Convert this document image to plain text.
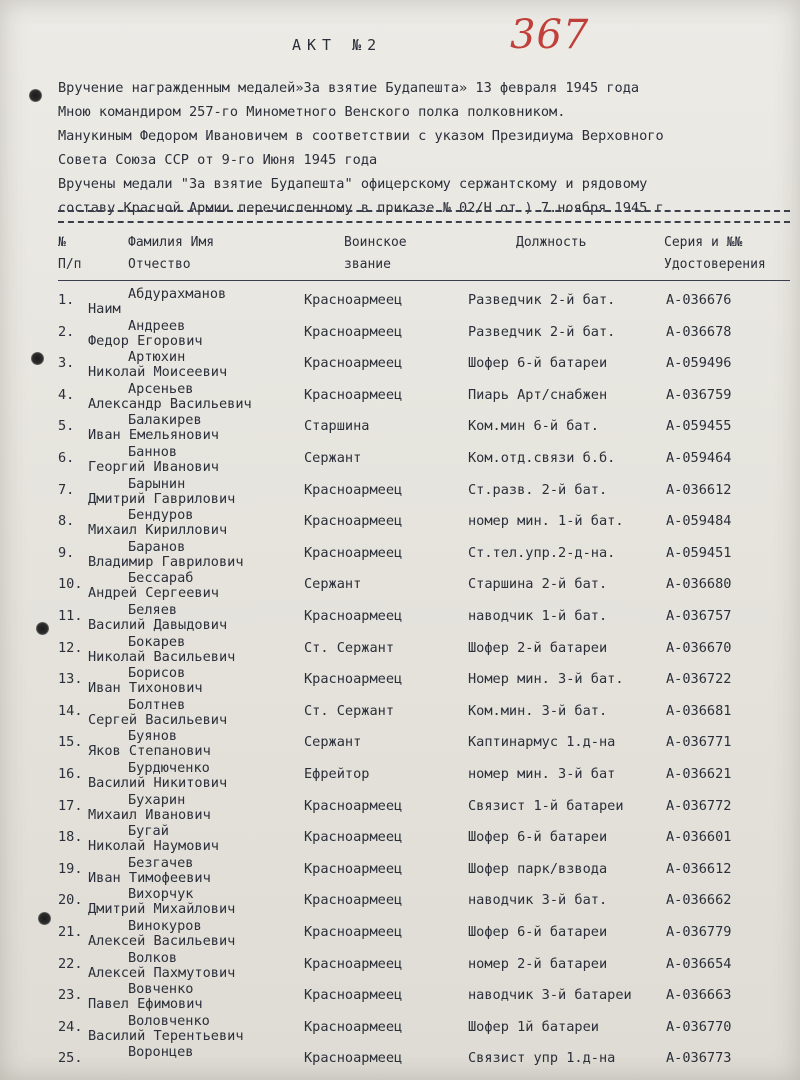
367
АКТ №2
Вручение награжденным медалей»За взятие Будапешта» 13 февраля 1945 года
Мною командиром 257-го Минометного Венского полка полковником.
Манукиным Федором Ивановичем в соответствии с указом Президиума Верховного
Совета Союза ССР от 9-го Июня 1945 года
Вручены медали "За взятие Будапешта" офицерскому сержантскому и рядовому
составу Красной Армии перечисленному в приказе № 02/Н от ) 7.ноября 1945 г.
№
П/п
Фамилия Имя
Отчество
Воинское
звание
Должность	Серия и №№
Удостоверения
1.	Абдурахманов
Наим
Красноармеец	Разведчик 2-й бат.	А-036676
2.	Андреев
Федор Егорович
Красноармеец	Разведчик 2-й бат.	А-036678
3.	Артюхин
Николай Моисеевич
Красноармеец	Шофер 6-й батареи	А-059496
4.	Арсеньев
Александр Васильевич
Красноармеец	Пиарь Арт/снабжен	А-036759
5.	Балакирев
Иван Емельянович
Старшина	Ком.мин 6-й бат.	А-059455
6.	Баннов
Георгий Иванович
Сержант	Ком.отд.связи б.б.	А-059464
7.	Барынин
Дмитрий Гаврилович
Красноармеец	Ст.разв. 2-й бат.	А-036612
8.	Бендуров
Михаил Кириллович
Красноармеец	номер мин. 1-й бат.	А-059484
9.	Баранов
Владимир Гаврилович
Красноармеец	Ст.тел.упр.2-д-на.	А-059451
10.	Бессараб
Андрей Сергеевич
Сержант	Старшина 2-й бат.	А-036680
11.	Беляев
Василий Давыдович
Красноармеец	наводчик 1-й бат.	А-036757
12.	Бокарев
Николай Васильевич
Ст. Сержант	Шофер 2-й батареи	А-036670
13.	Борисов
Иван Тихонович
Красноармеец	Номер мин. 3-й бат.	А-036722
14.	Болтнев
Сергей Васильевич
Ст. Сержант	Ком.мин. 3-й бат.	А-036681
15.	Буянов
Яков Степанович
Сержант	Каптинармус 1.д-на	А-036771
16.	Бурдюченко
Василий Никитович
Ефрейтор	номер мин. 3-й бат	А-036621
17.	Бухарин
Михаил Иванович
Красноармеец	Связист 1-й батареи	А-036772
18.	Бугай
Николай Наумович
Красноармеец	Шофер 6-й батареи	А-036601
19.	Безгачев
Иван Тимофеевич
Красноармеец	Шофер парк/взвода	А-036612
20.	Вихорчук
Дмитрий Михайлович
Красноармеец	наводчик 3-й бат.	А-036662
21.	Винокуров
Алексей Васильевич
Красноармеец	Шофер 6-й батареи	А-036779
22.	Волков
Алексей Пахмутович
Красноармеец	номер 2-й батареи	А-036654
23.	Вовченко
Павел Ефимович
Красноармеец	наводчик 3-й батареи	А-036663
24.	Воловченко
Василий Терентьевич
Красноармеец	Шофер 1й батареи	А-036770
25.	Воронцев	Красноармеец	Связист упр 1.д-на	А-036773
